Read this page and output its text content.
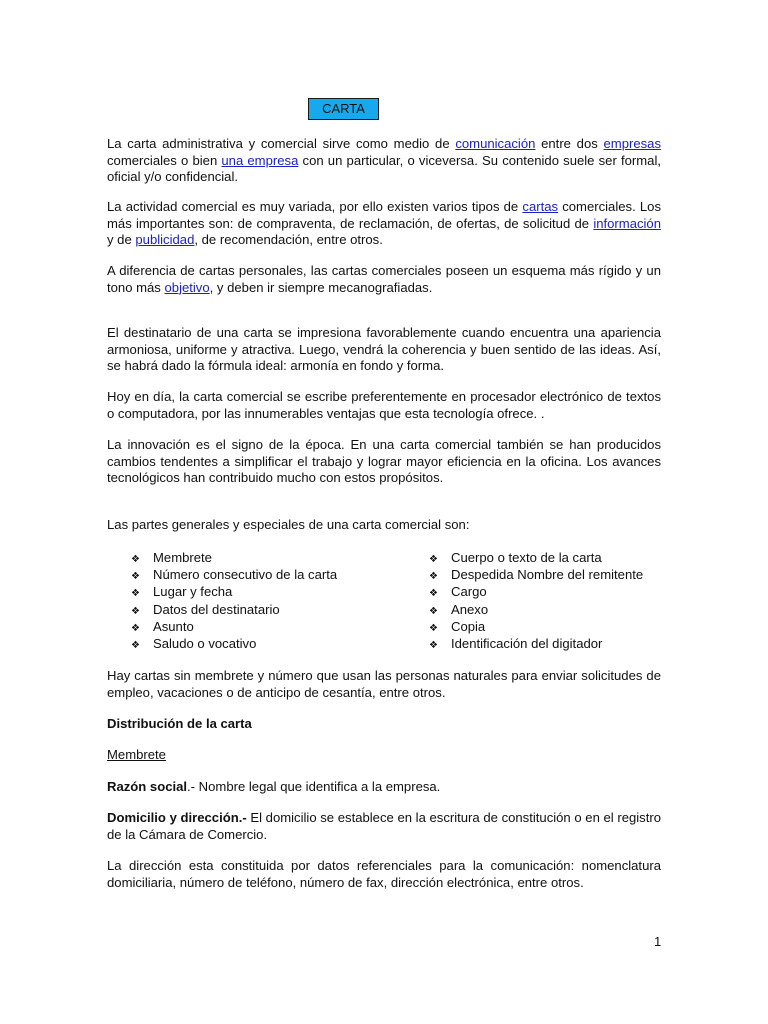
CARTA

La carta administrativa y comercial sirve como medio de comunicación entre dos empresas comerciales o bien una empresa con un particular, o viceversa. Su contenido suele ser formal, oficial y/o confidencial.

La actividad comercial es muy variada, por ello existen varios tipos de cartas comerciales. Los más importantes son: de compraventa, de reclamación, de ofertas, de solicitud de información y de publicidad, de recomendación, entre otros.

A diferencia de cartas personales, las cartas comerciales poseen un esquema más rígido y un tono más objetivo, y deben ir siempre mecanografiadas.

El destinatario de una carta se impresiona favorablemente cuando encuentra una apariencia armoniosa, uniforme y atractiva. Luego, vendrá la coherencia y buen sentido de las ideas. Así, se habrá dado la fórmula ideal: armonía en fondo y forma.

Hoy en día, la carta comercial se escribe preferentemente en procesador electrónico de textos o computadora, por las innumerables ventajas que esta tecnología ofrece. .

La innovación es el signo de la época. En una carta comercial también se han producidos cambios tendentes a simplificar el trabajo y lograr mayor eficiencia en la oficina. Los avances tecnológicos han contribuido mucho con estos propósitos.

Las partes generales y especiales de una carta comercial son:

❖ Membrete
❖ Número consecutivo de la carta
❖ Lugar y fecha
❖ Datos del destinatario
❖ Asunto
❖ Saludo o vocativo
❖ Cuerpo o texto de la carta
❖ Despedida Nombre del remitente
❖ Cargo
❖ Anexo
❖ Copia
❖ Identificación del digitador

Hay cartas sin membrete y número que usan las personas naturales para enviar solicitudes de empleo, vacaciones o de anticipo de cesantía, entre otros.

Distribución de la carta

Membrete

Razón social.- Nombre legal que identifica a la empresa.

Domicilio y dirección.- El domicilio se establece en la escritura de constitución o en el registro de la Cámara de Comercio.

La dirección esta constituida por datos referenciales para la comunicación: nomenclatura domiciliaria, número de teléfono, número de fax, dirección electrónica, entre otros.

1
